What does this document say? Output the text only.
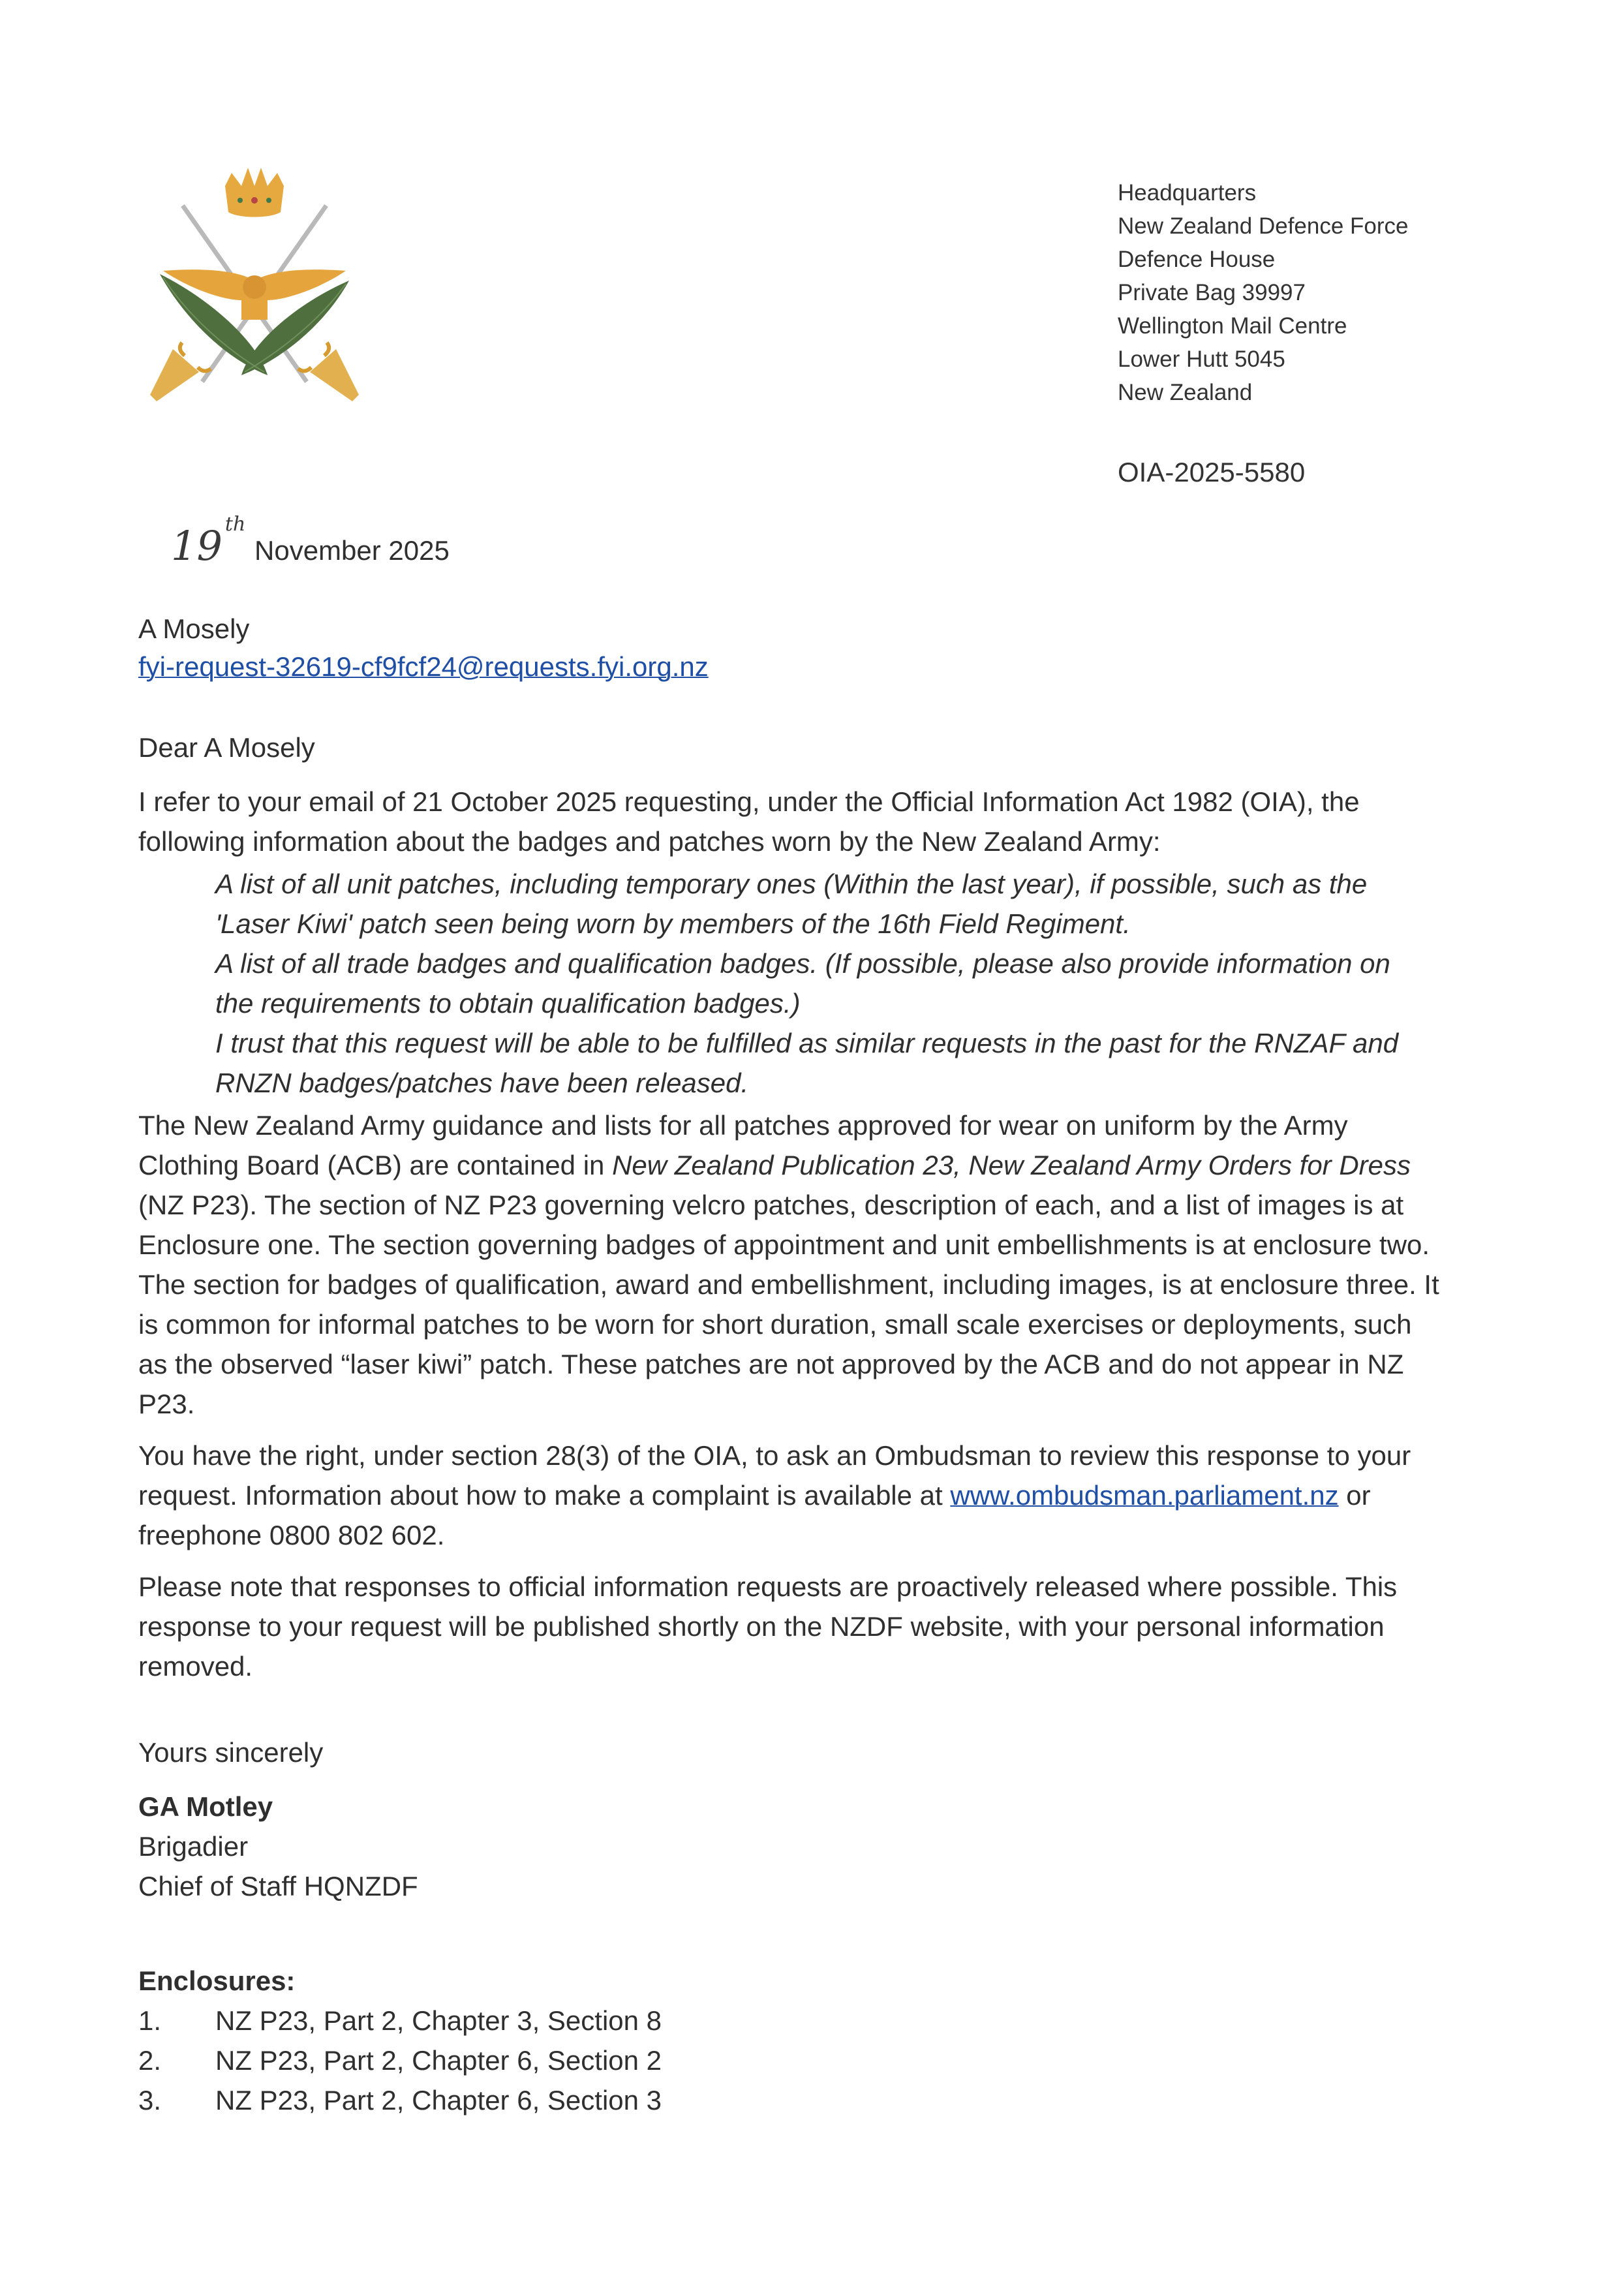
Headquarters
New Zealand Defence Force
Defence House
Private Bag 39997
Wellington Mail Centre
Lower Hutt 5045
New Zealand
OIA-2025-5580
19 $^{th}$
November 2025
A Mosely
fyi-request-32619-cf9fcf24@requests.fyi.org.nz

Dear A Mosely

I refer to your email of 21 October 2025 requesting, under the Official Information Act 1982 (OIA), the following information about the badges and patches worn by the New Zealand Army:

A list of all unit patches, including temporary ones (Within the last year), if possible, such as the 'Laser Kiwi' patch seen being worn by members of the 16th Field Regiment.

A list of all trade badges and qualification badges. (If possible, please also provide information on the requirements to obtain qualification badges.)

I trust that this request will be able to be fulfilled as similar requests in the past for the RNZAF and RNZN badges/patches have been released.

The New Zealand Army guidance and lists for all patches approved for wear on uniform by the Army Clothing Board (ACB) are contained in New Zealand Publication 23, New Zealand Army Orders for Dress (NZ P23). The section of NZ P23 governing velcro patches, description of each, and a list of images is at Enclosure one. The section governing badges of appointment and unit embellishments is at enclosure two. The section for badges of qualification, award and embellishment, including images, is at enclosure three. It is common for informal patches to be worn for short duration, small scale exercises or deployments, such as the observed “laser kiwi” patch. These patches are not approved by the ACB and do not appear in NZ P23.

You have the right, under section 28(3) of the OIA, to ask an Ombudsman to review this response to your request. Information about how to make a complaint is available at www.ombudsman.parliament.nz or freephone 0800 802 602.

Please note that responses to official information requests are proactively released where possible. This response to your request will be published shortly on the NZDF website, with your personal information removed.

Yours sincerely
GA Motley
Brigadier
Chief of Staff HQNZDF
Enclosures:
1.	NZ P23, Part 2, Chapter 3, Section 8
2.	NZ P23, Part 2, Chapter 6, Section 2
3.	NZ P23, Part 2, Chapter 6, Section 3
